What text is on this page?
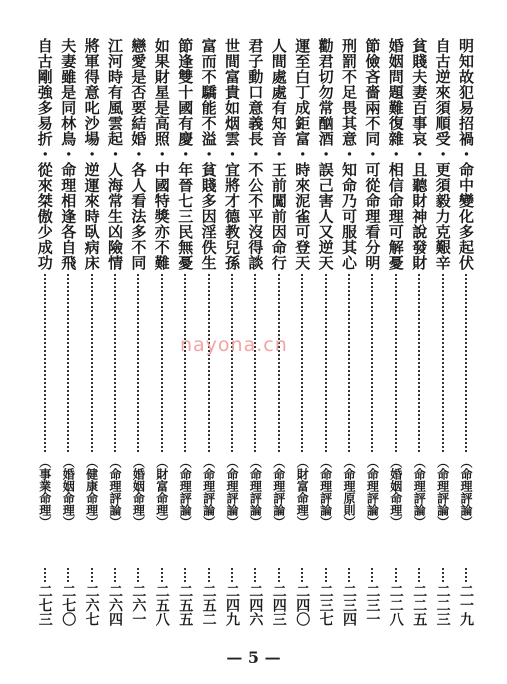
明知故犯易招禍・命中變化多起伏
（命理評論）
二一九
自古逆來須順受・更須毅力克艱辛
（命理評論）
二二三
貧賤夫妻百事哀・且聽財神說發財
（命理評論）
二二五
婚姻問題難復雜・相信命理可解憂
（婚姻命理）
二二八
節儉吝嗇兩不同・可從命理看分明
（命理評論）
二三一
刑罰不足畏其意・知命乃可服其心
（命理原則）
二三四
勸君切勿常酗酒・誤己害人又逆天
（命理評論）
二三七
運至白丁成鉅富・時來泥雀可登天
（財富命理）
二四〇
人間處處有知音・王前闖前因命行
（命理評論）
二四三
君子動口意義長・不公不平沒得談
（命理評論）
二四六
世間富貴如烟雲・宜將才德教兒孫
（命理評論）
二四九
富而不驕能不溢・貧賤多因淫佚生
（命理評論）
二五二
節逢雙十國有慶・年晉七三民無憂
（命理評論）
二五五
如果財星是高照・中國特獎亦不難
（財富命理）
二五八
戀愛是否要結婚・各人看法多不同
（婚姻命理）
二六一
江河時有風雲起・人海常生凶險情
（命理評論）
二六四
將軍得意叱沙場・逆運來時臥病床
（健康命理）
二六七
夫妻雖是同林鳥・命理相逢各自飛
（婚姻命理）
二七〇
自古剛強多易折・從來桀傲少成功
（事業命理）
二七三
nayona.cn
— 5 —
